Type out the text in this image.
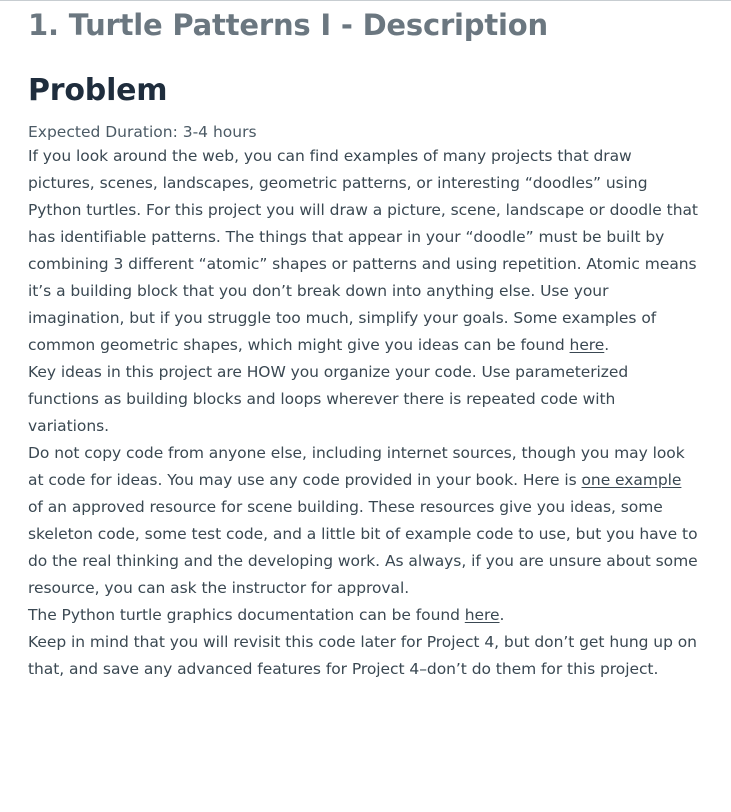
1. Turtle Patterns I - Description
Problem
Expected Duration: 3-4 hours

If you look around the web, you can find examples of many projects that draw pictures, scenes, landscapes, geometric patterns, or interesting “doodles” using Python turtles. For this project you will draw a picture, scene, landscape or doodle that has identifiable patterns. The things that appear in your “doodle” must be built by combining 3 different “atomic” shapes or patterns and using repetition. Atomic means it’s a building block that you don’t break down into anything else. Use your imagination, but if you struggle too much, simplify your goals. Some examples of common geometric shapes, which might give you ideas can be found here.

Key ideas in this project are HOW you organize your code. Use parameterized functions as building blocks and loops wherever there is repeated code with variations.

Do not copy code from anyone else, including internet sources, though you may look at code for ideas. You may use any code provided in your book. Here is one example of an approved resource for scene building. These resources give you ideas, some skeleton code, some test code, and a little bit of example code to use, but you have to do the real thinking and the developing work. As always, if you are unsure about some resource, you can ask the instructor for approval.

The Python turtle graphics documentation can be found here.

Keep in mind that you will revisit this code later for Project 4, but don’t get hung up on that, and save any advanced features for Project 4–don’t do them for this project.
